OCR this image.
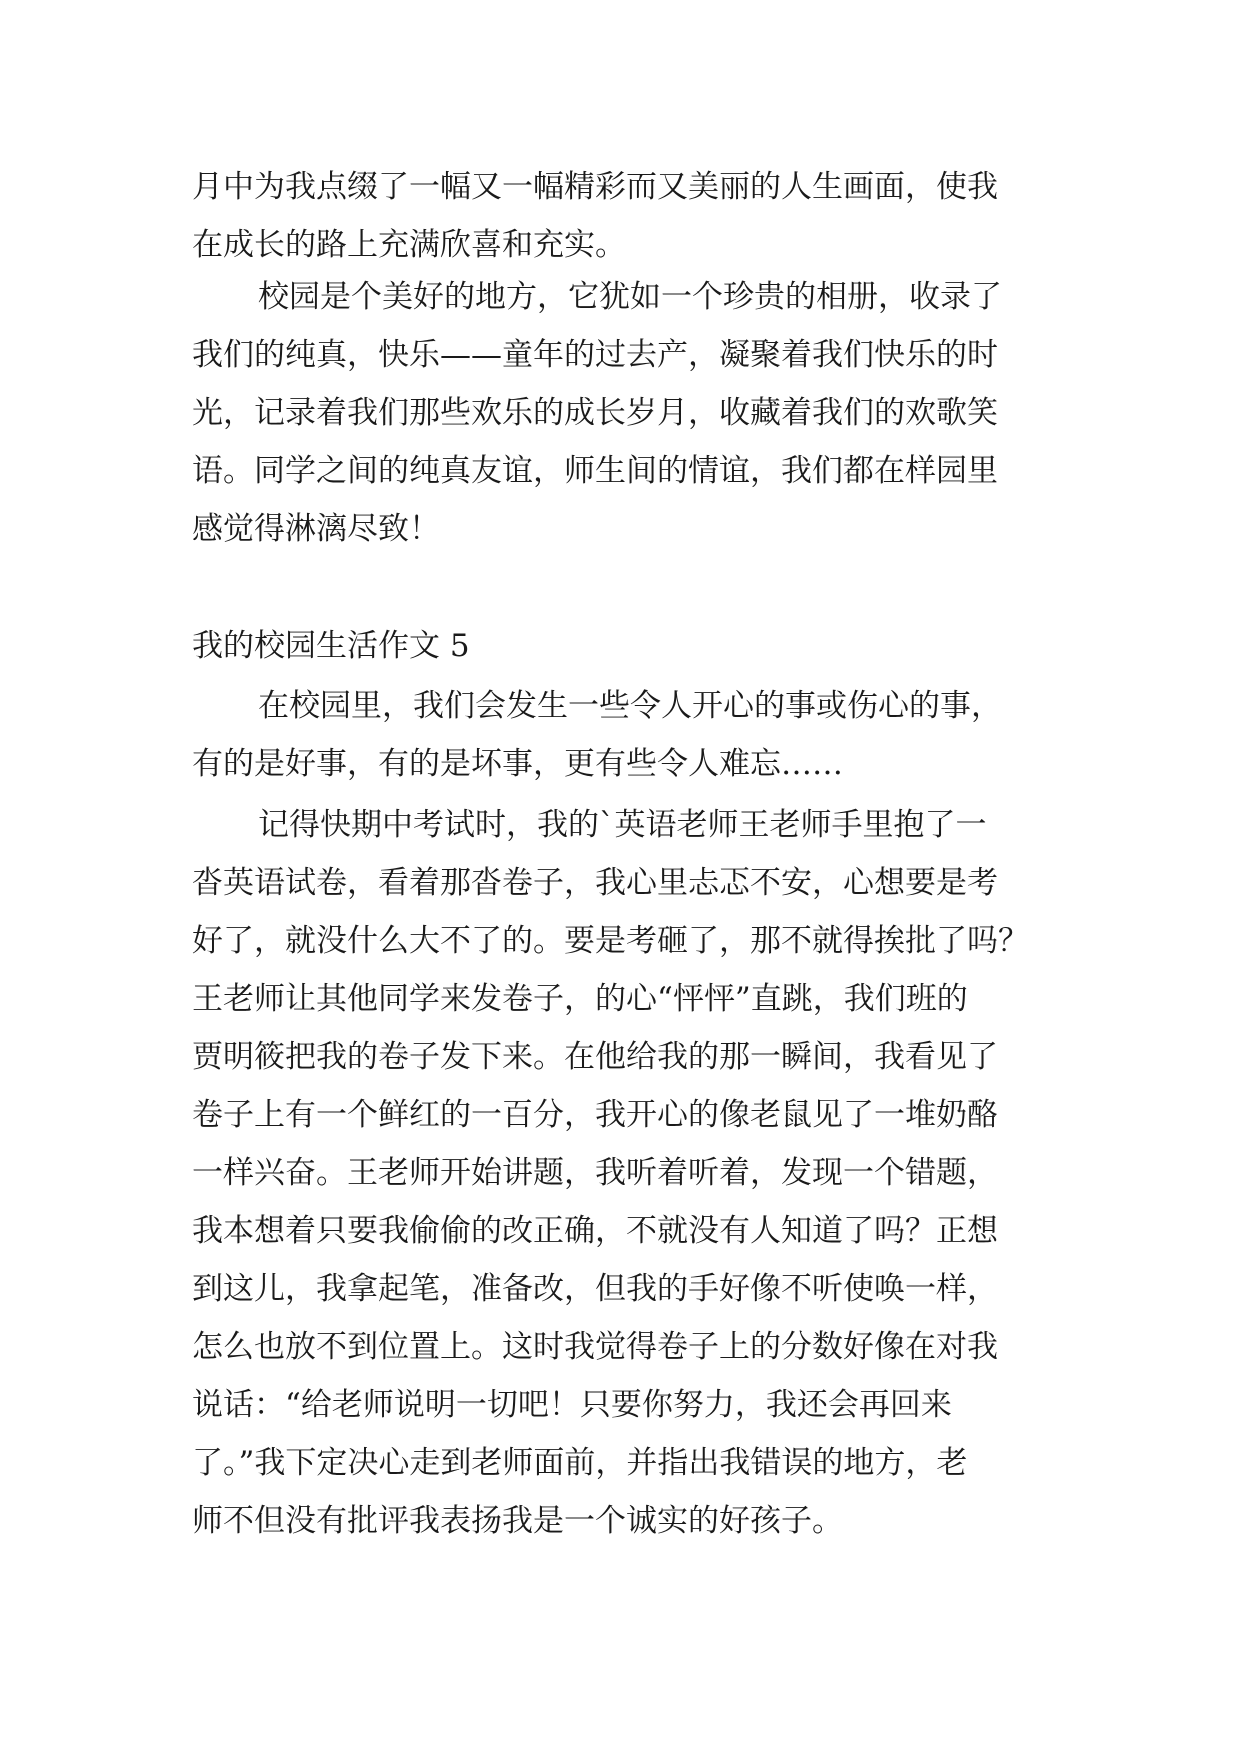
月中为我点缀了一幅又一幅精彩而又美丽的人生画面，使我
在成长的路上充满欣喜和充实。
校园是个美好的地方，它犹如一个珍贵的相册，收录了
我们的纯真，快乐——童年的过去产，凝聚着我们快乐的时
光，记录着我们那些欢乐的成长岁月，收藏着我们的欢歌笑
语。同学之间的纯真友谊，师生间的情谊，我们都在样园里
感觉得淋漓尽致！
我的校园生活作文 5
在校园里，我们会发生一些令人开心的事或伤心的事，
有的是好事，有的是坏事，更有些令人难忘……
记得快期中考试时，我的`英语老师王老师手里抱了一
沓英语试卷，看着那沓卷子，我心里忐忑不安，心想要是考
好了，就没什么大不了的。要是考砸了，那不就得挨批了吗？
王老师让其他同学来发卷子，的心“怦怦”直跳，我们班的
贾明筱把我的卷子发下来。在他给我的那一瞬间，我看见了
卷子上有一个鲜红的一百分，我开心的像老鼠见了一堆奶酪
一样兴奋。王老师开始讲题，我听着听着，发现一个错题，
我本想着只要我偷偷的改正确，不就没有人知道了吗？正想
到这儿，我拿起笔，准备改，但我的手好像不听使唤一样，
怎么也放不到位置上。这时我觉得卷子上的分数好像在对我
说话：“给老师说明一切吧！只要你努力，我还会再回来
了。”我下定决心走到老师面前，并指出我错误的地方，老
师不但没有批评我表扬我是一个诚实的好孩子。
